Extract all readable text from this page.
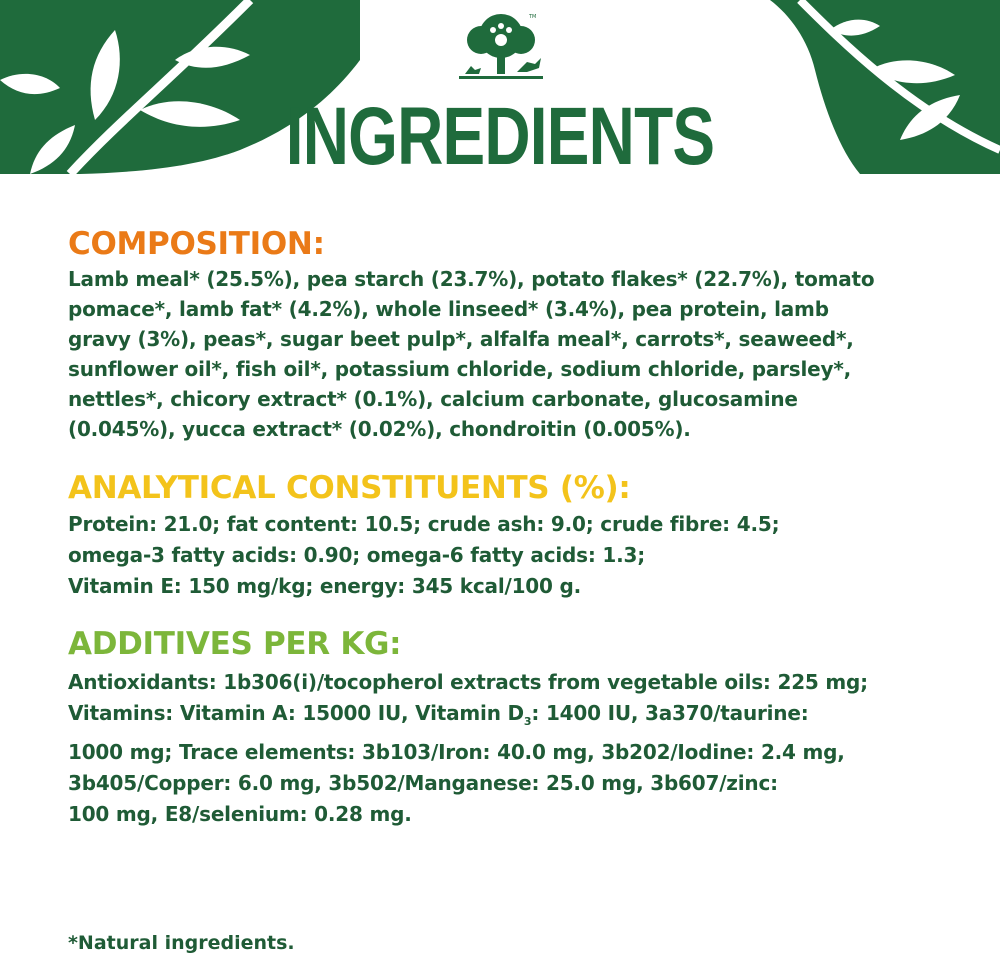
TM
INGREDIENTS
COMPOSITION:

Lamb meal* (25.5%), pea starch (23.7%), potato flakes* (22.7%), tomato
pomace*, lamb fat* (4.2%), whole linseed* (3.4%), pea protein, lamb
gravy (3%), peas*, sugar beet pulp*, alfalfa meal*, carrots*, seaweed*,
sunflower oil*, fish oil*, potassium chloride, sodium chloride, parsley*,
nettles*, chicory extract* (0.1%), calcium carbonate, glucosamine
(0.045%), yucca extract* (0.02%), chondroitin (0.005%).

ANALYTICAL CONSTITUENTS (%):

Protein: 21.0; fat content: 10.5; crude ash: 9.0; crude fibre: 4.5;
omega-3 fatty acids: 0.90; omega-6 fatty acids: 1.3;
Vitamin E: 150 mg/kg; energy: 345 kcal/100 g.

ADDITIVES PER KG:

Antioxidants: 1b306(i)/tocopherol extracts from vegetable oils: 225 mg;
Vitamins: Vitamin A: 15000 IU, Vitamin $D_3$: 1400 IU, 3a370/taurine:
1000 mg; Trace elements: 3b103/Iron: 40.0 mg, 3b202/Iodine: 2.4 mg,
3b405/Copper: 6.0 mg, 3b502/Manganese: 25.0 mg, 3b607/zinc:
100 mg, E8/selenium: 0.28 mg.

*Natural ingredients.
